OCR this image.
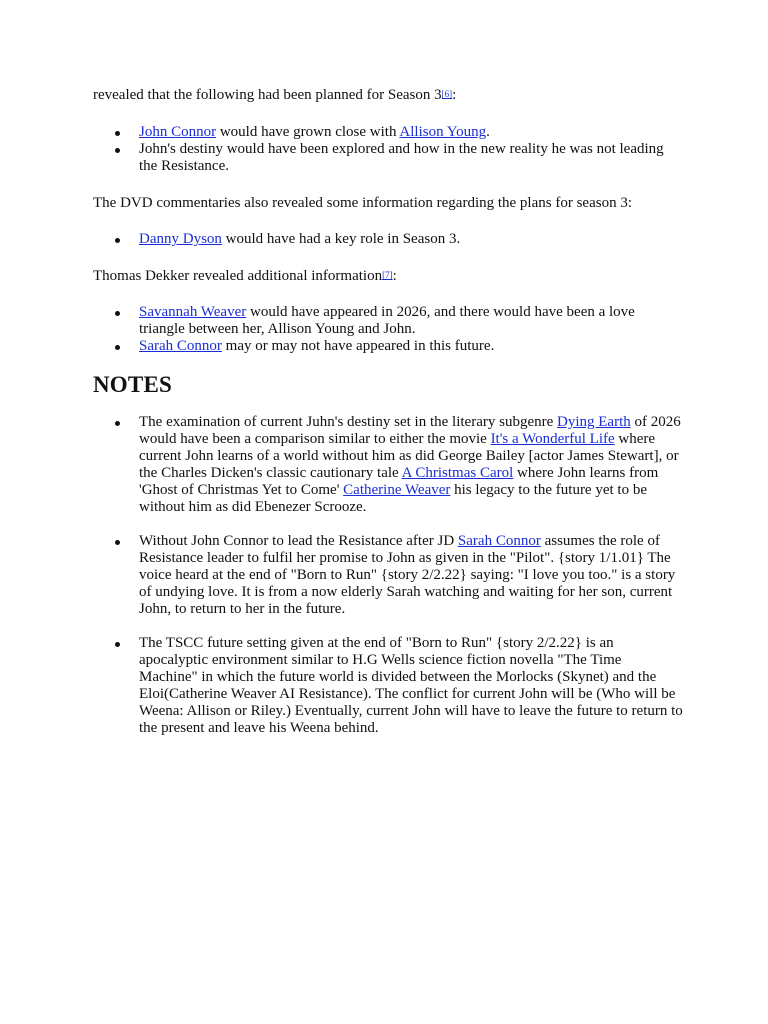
revealed that the following had been planned for Season 3[6]:

John Connor would have grown close with Allison Young.
John's destiny would have been explored and how in the new reality he was not leading the Resistance.

The DVD commentaries also revealed some information regarding the plans for season 3:

Danny Dyson would have had a key role in Season 3.

Thomas Dekker revealed additional information[7]:

Savannah Weaver would have appeared in 2026, and there would have been a love triangle between her, Allison Young and John.
Sarah Connor may or may not have appeared in this future.
NOTES
The examination of current Juhn's destiny set in the literary subgenre Dying Earth of 2026 would have been a comparison similar to either the movie It's a Wonderful Life where current John learns of a world without him as did George Bailey [actor James Stewart], or the Charles Dicken's classic cautionary tale A Christmas Carol where John learns from 'Ghost of Christmas Yet to Come' Catherine Weaver his legacy to the future yet to be without him as did Ebenezer Scrooze.
Without John Connor to lead the Resistance after JD Sarah Connor assumes the role of Resistance leader to fulfil her promise to John as given in the "Pilot". {story 1/1.01} The voice heard at the end of "Born to Run" {story 2/2.22} saying: "I love you too." is a story of undying love. It is from a now elderly Sarah watching and waiting for her son, current John, to return to her in the future.
The TSCC future setting given at the end of "Born to Run" {story 2/2.22} is an apocalyptic environment similar to H.G Wells science fiction novella "The Time Machine" in which the future world is divided between the Morlocks (Skynet) and the Eloi(Catherine Weaver AI Resistance). The conflict for current John will be (Who will be Weena: Allison or Riley.) Eventually, current John will have to leave the future to return to the present and leave his Weena behind.
